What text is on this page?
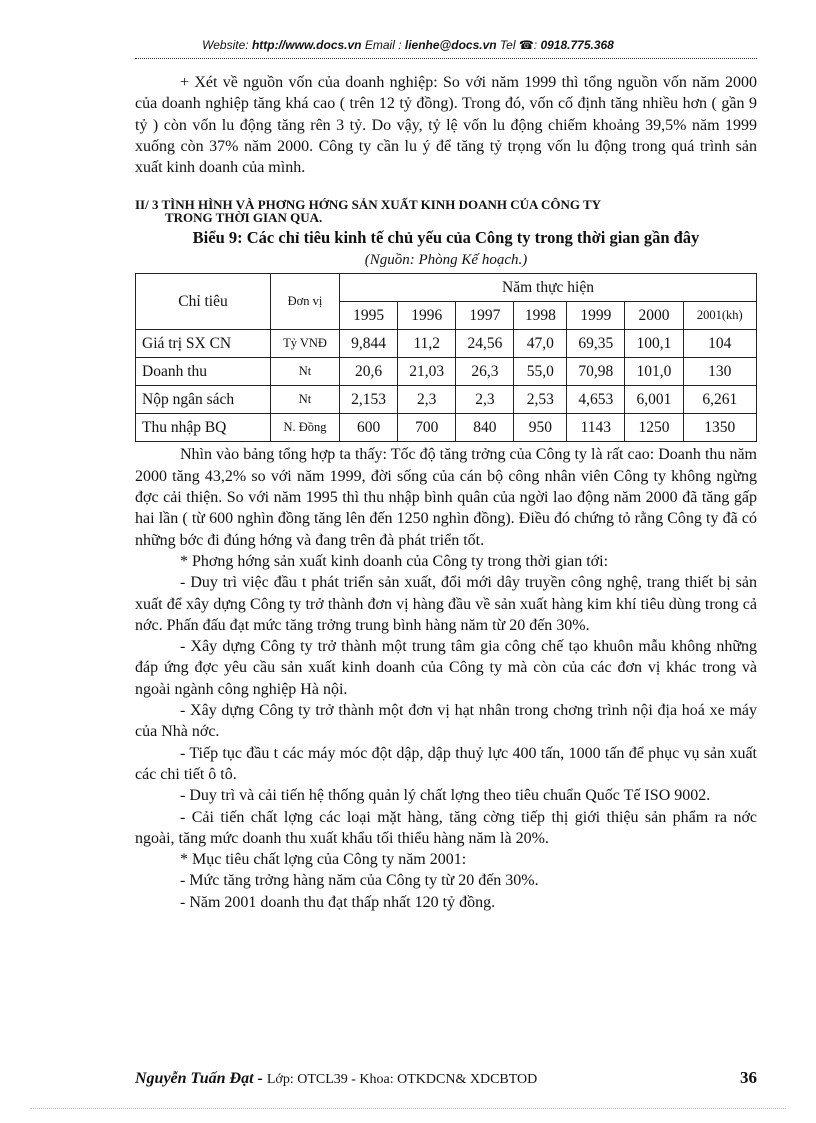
Website: http://www.docs.vn Email : lienhe@docs.vn Tel ☎: 0918.775.368

+ Xét về nguồn vốn của doanh nghiệp: So với năm 1999 thì tổng nguồn vốn năm 2000 của doanh nghiệp tăng khá cao ( trên 12 tỷ đồng). Trong đó, vốn cố định tăng nhiều hơn ( gần 9 tỷ ) còn vốn lu động tăng rên 3 tỷ. Do vậy, tỷ lệ vốn lu động chiếm khoảng 39,5% năm 1999 xuống còn 37% năm 2000. Công ty cần lu ý để tăng tỷ trọng vốn lu động trong quá trình sản xuất kinh doanh của mình.

II/ 3 TÌNH HÌNH VÀ PHƠNG HỚNG SẢN XUẤT KINH DOANH CỦA CÔNG TY
TRONG THỜI GIAN QUA.
Biểu 9: Các chỉ tiêu kinh tế chủ yếu của Công ty trong thời gian gần đây
(Nguồn: Phòng Kế hoạch.)
Chỉ tiêu	Đơn vị	Năm thực hiện						
		1995	1996	1997	1998	1999	2000	2001(kh)
Giá trị SX CN	Tỷ VNĐ	9,844	11,2	24,56	47,0	69,35	100,1	104
Doanh thu	Nt	20,6	21,03	26,3	55,0	70,98	101,0	130
Nộp ngân sách	Nt	2,153	2,3	2,3	2,53	4,653	6,001	6,261
Thu nhập BQ	N. Đồng	600	700	840	950	1143	1250	1350

Nhìn vào bảng tổng hợp ta thấy: Tốc độ tăng trởng của Công ty là rất cao: Doanh thu năm 2000 tăng 43,2% so với năm 1999, đời sống của cán bộ công nhân viên Công ty không ngừng đợc cải thiện. So với năm 1995 thì thu nhập bình quân của ngời lao động năm 2000 đã tăng gấp hai lần ( từ 600 nghìn đồng tăng lên đến 1250 nghìn đồng). Điều đó chứng tỏ rằng Công ty đã có những bớc đi đúng hớng và đang trên đà phát triển tốt.

* Phơng hớng sản xuất kinh doanh của Công ty trong thời gian tới:

- Duy trì việc đầu t phát triển sản xuất, đổi mới dây truyền công nghệ, trang thiết bị sản xuất để xây dựng Công ty trở thành đơn vị hàng đầu về sản xuất hàng kim khí tiêu dùng trong cả nớc. Phấn đấu đạt mức tăng trởng trung bình hàng năm từ 20 đến 30%.

- Xây dựng Công ty trở thành một trung tâm gia công chế tạo khuôn mẫu không những đáp ứng đợc yêu cầu sản xuất kinh doanh của Công ty mà còn của các đơn vị khác trong và ngoài ngành công nghiệp Hà nội.

- Xây dựng Công ty trở thành một đơn vị hạt nhân trong chơng trình nội địa hoá xe máy của Nhà nớc.

- Tiếp tục đầu t các máy móc đột dập, dập thuỷ lực 400 tấn, 1000 tấn để phục vụ sản xuất các chi tiết ô tô.

- Duy trì và cải tiến hệ thống quản lý chất lợng theo tiêu chuẩn Quốc Tế ISO 9002.

- Cải tiến chất lợng các loại mặt hàng, tăng cờng tiếp thị giới thiệu sản phẩm ra nớc ngoài, tăng mức doanh thu xuất khẩu tối thiểu hàng năm là 20%.

* Mục tiêu chất lợng của Công ty năm 2001:

- Mức tăng trởng hàng năm của Công ty từ 20 đến 30%.

- Năm 2001 doanh thu đạt thấp nhất 120 tỷ đồng.

Nguyễn Tuấn Đạt - Lớp: OTCL39 - Khoa: OTKDCN& XDCBTOD	36
